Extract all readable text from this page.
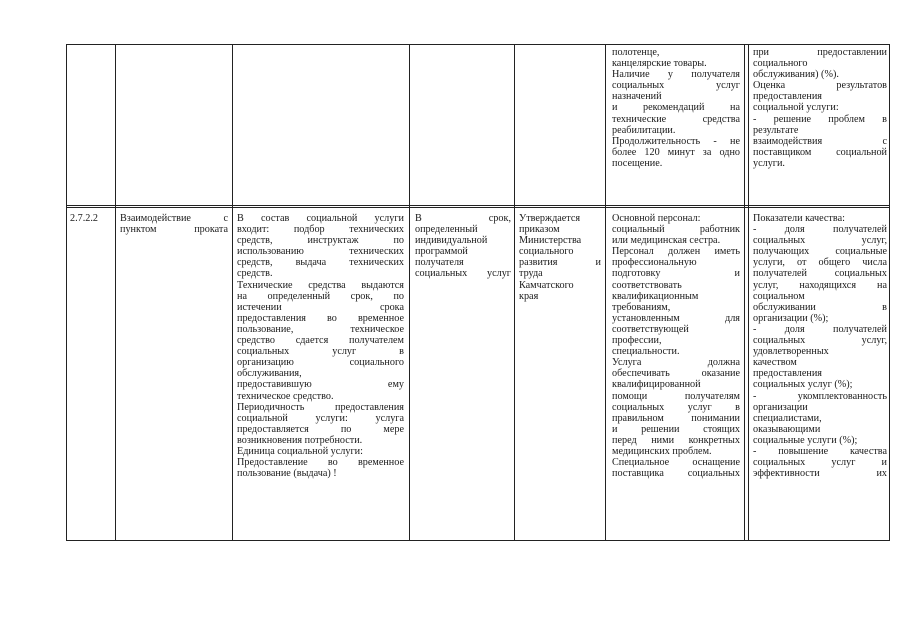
полотенце,
канцелярские товары.
Наличие у получателя
социальных услуг
назначений
и рекомендаций на
технические средства
реабилитации.
Продолжительность - не
более 120 минут за одно
посещение.
при предоставлении
социального
обслуживания) (%).
Оценка результатов
предоставления
социальной услуги:
- решение проблем в
результате
взаимодействия с
поставщиком социальной
услуги.
2.7.2.2	Взаимодействие с
пунктом проката
В состав социальной услуги
входит: подбор технических
средств, инструктаж по
использованию технических
средств, выдача технических
средств.
Технические средства выдаются
на определенный срок, по
истечении срока
предоставления во временное
пользование, техническое
средство сдается получателем
социальных услуг в
организацию социального
обслуживания,
предоставившую ему
техническое средство.
Периодичность предоставления
социальной услуги: услуга
предоставляется по мере
возникновения потребности.
Единица социальной услуги:
Предоставление во временное
пользование (выдача) !
В срок,
определенный
индивидуальной
программой
получателя
социальных услуг
Утверждается
приказом
Министерства
социального
развития и
труда
Камчатского
края
Основной персонал:
социальный работник
или медицинская сестра.
Персонал должен иметь
профессиональную
подготовку и
соответствовать
квалификационным
требованиям,
установленным для
соответствующей
профессии,
специальности.
Услуга должна
обеспечивать оказание
квалифицированной
помощи получателям
социальных услуг в
правильном понимании
и решении стоящих
перед ними конкретных
медицинских проблем.
Специальное оснащение
поставщика социальных
Показатели качества:
- доля получателей
социальных услуг,
получающих социальные
услуги, от общего числа
получателей социальных
услуг, находящихся на
социальном
обслуживании в
организации (%);
- доля получателей
социальных услуг,
удовлетворенных
качеством
предоставления
социальных услуг (%);
- укомплектованность
организации
специалистами,
оказывающими
социальные услуги (%);
- повышение качества
социальных услуг и
эффективности их
